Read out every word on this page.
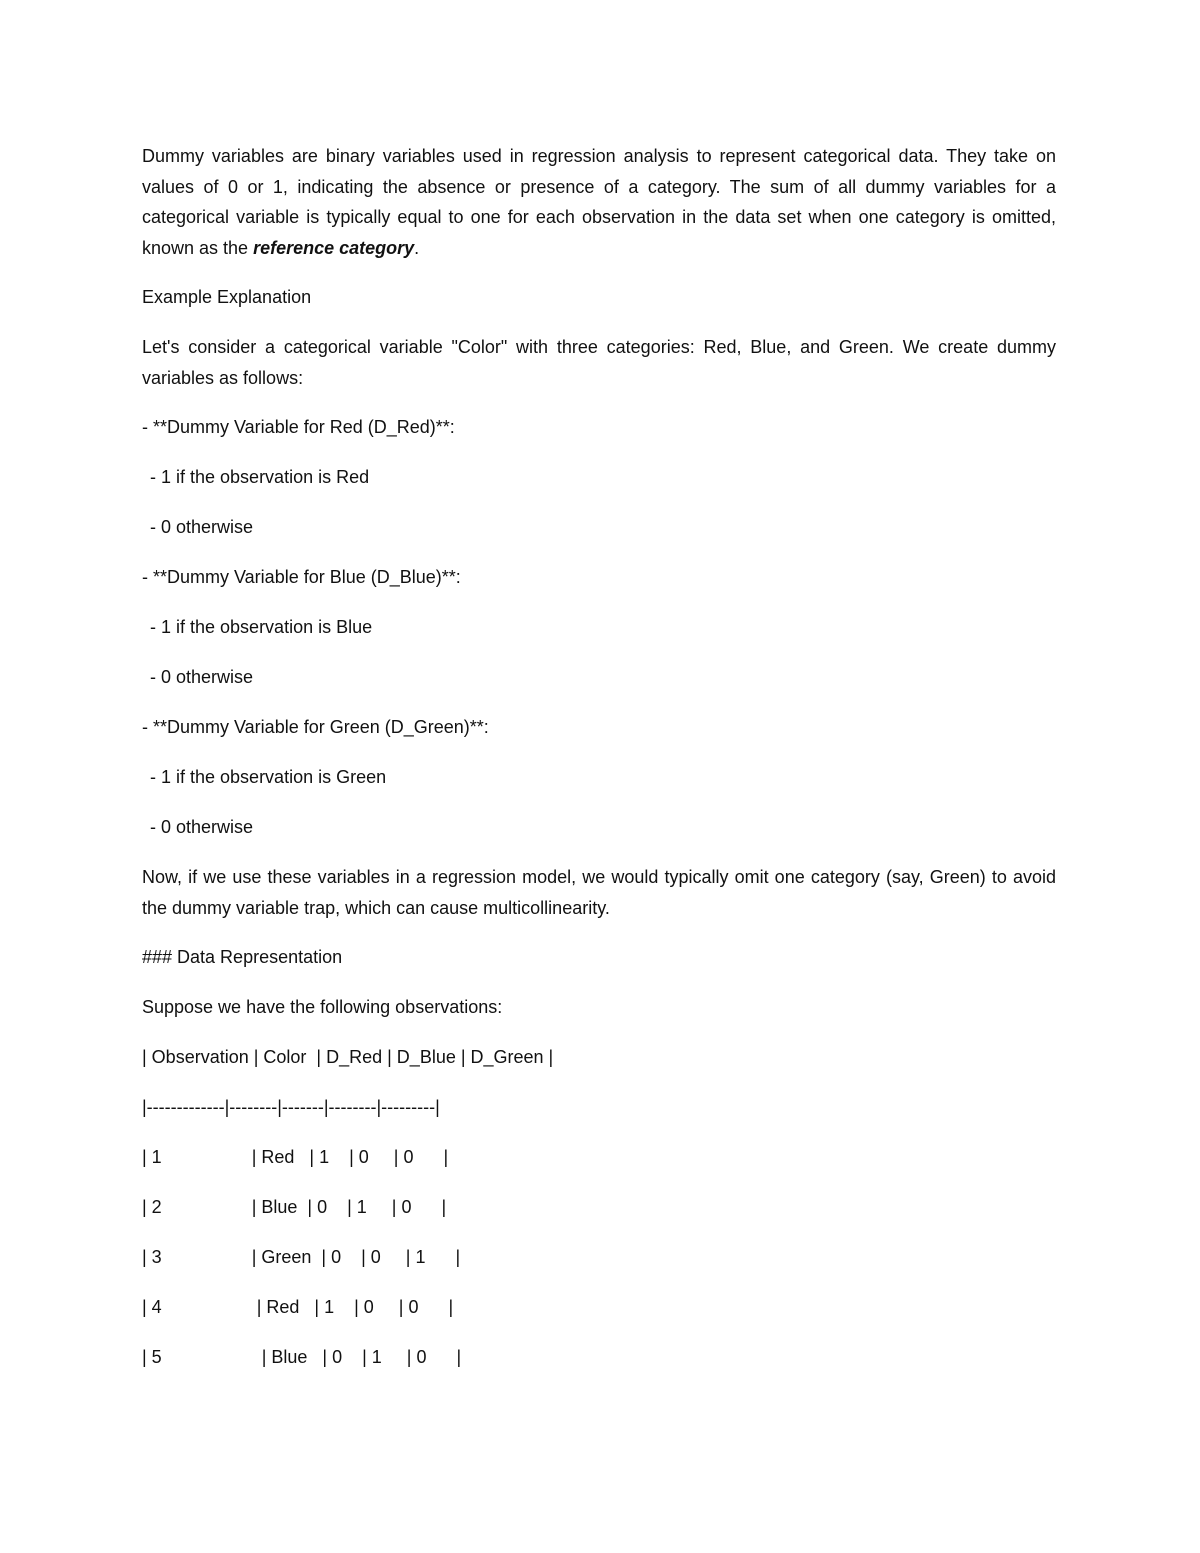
Dummy variables are binary variables used in regression analysis to represent categorical data. They take on values of 0 or 1, indicating the absence or presence of a category. The sum of all dummy variables for a categorical variable is typically equal to one for each observation in the data set when one category is omitted, known as the reference category.

Example Explanation

Let's consider a categorical variable "Color" with three categories: Red, Blue, and Green. We create dummy variables as follows:

- **Dummy Variable for Red (D_Red)**:
- 1 if the observation is Red
- 0 otherwise
- **Dummy Variable for Blue (D_Blue)**:
- 1 if the observation is Blue
- 0 otherwise
- **Dummy Variable for Green (D_Green)**:
- 1 if the observation is Green
- 0 otherwise

Now, if we use these variables in a regression model, we would typically omit one category (say, Green) to avoid the dummy variable trap, which can cause multicollinearity.

### Data Representation
Suppose we have the following observations:
| Observation | Color  | D_Red | D_Blue | D_Green |
|-------------|--------|-------|--------|---------|
| 1                  | Red   | 1    | 0     | 0      |
| 2                  | Blue  | 0    | 1     | 0      |
| 3                  | Green  | 0    | 0     | 1      |
| 4                   | Red   | 1    | 0     | 0      |
| 5                    | Blue   | 0    | 1     | 0      |
